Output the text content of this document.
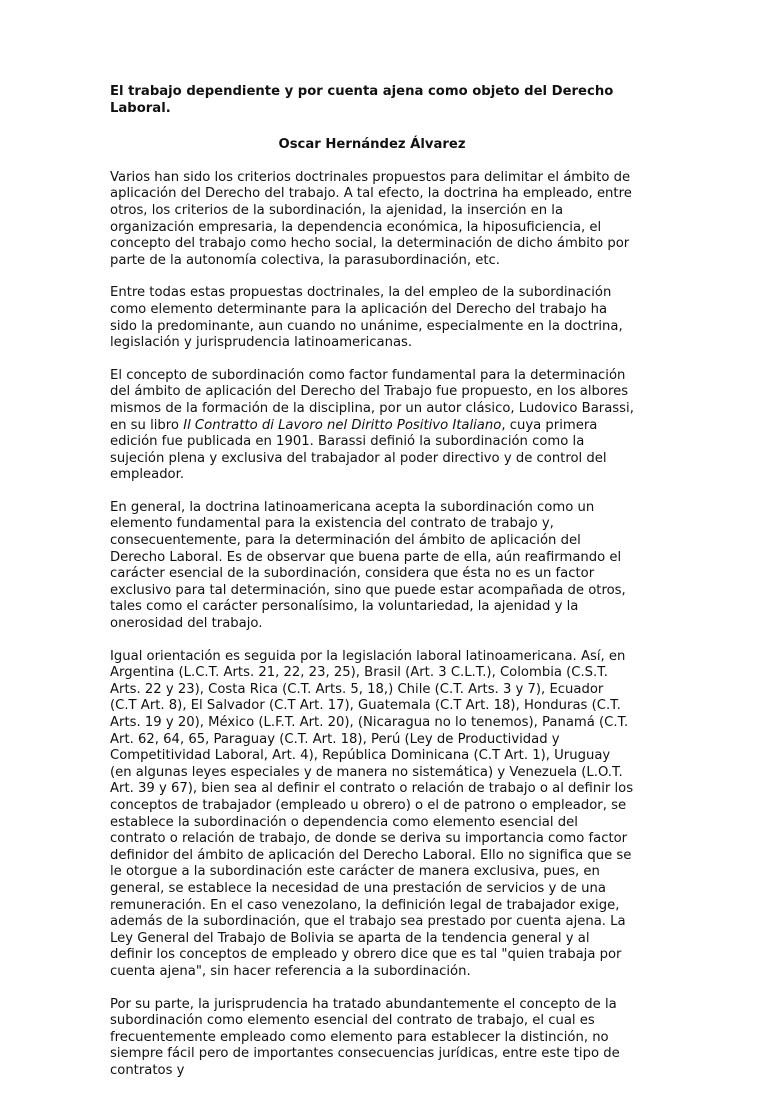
El trabajo dependiente y por cuenta ajena como objeto del Derecho Laboral.
Oscar Hernández Álvarez

Varios han sido los criterios doctrinales propuestos para delimitar el ámbito de aplicación del Derecho del trabajo. A tal efecto, la doctrina ha empleado, entre otros, los criterios de la subordinación, la ajenidad, la inserción en la organización empresaria, la dependencia económica, la hiposuficiencia, el concepto del trabajo como hecho social, la determinación de dicho ámbito por parte de la autonomía colectiva, la parasubordinación, etc.

Entre todas estas propuestas doctrinales, la del empleo de la subordinación como elemento determinante para la aplicación del Derecho del trabajo ha sido la predominante, aun cuando no unánime, especialmente en la doctrina, legislación y jurisprudencia latinoamericanas.

El concepto de subordinación como factor fundamental para la determinación del ámbito de aplicación del Derecho del Trabajo fue propuesto, en los albores mismos de la formación de la disciplina, por un autor clásico, Ludovico Barassi, en su libro Il Contratto di Lavoro nel Diritto Positivo Italiano, cuya primera edición fue publicada en 1901. Barassi definió la subordinación como la sujeción plena y exclusiva del trabajador al poder directivo y de control del empleador.

En general, la doctrina latinoamericana acepta la subordinación como un elemento fundamental para la existencia del contrato de trabajo y, consecuentemente, para la determinación del ámbito de aplicación del Derecho Laboral. Es de observar que buena parte de ella, aún reafirmando el carácter esencial de la subordinación, considera que ésta no es un factor exclusivo para tal determinación, sino que puede estar acompañada de otros, tales como el carácter personalísimo, la voluntariedad, la ajenidad y la onerosidad del trabajo.

Igual orientación es seguida por la legislación laboral latinoamericana. Así, en Argentina (L.C.T. Arts. 21, 22, 23, 25), Brasil (Art. 3 C.L.T.), Colombia (C.S.T. Arts. 22 y 23), Costa Rica (C.T. Arts. 5, 18,) Chile (C.T. Arts. 3 y 7), Ecuador (C.T Art. 8), El Salvador (C.T Art. 17), Guatemala (C.T Art. 18), Honduras (C.T. Arts. 19 y 20), México (L.F.T. Art. 20), (Nicaragua no lo tenemos), Panamá (C.T. Art. 62, 64, 65, Paraguay (C.T. Art. 18), Perú (Ley de Productividad y Competitividad Laboral, Art. 4), República Dominicana (C.T Art. 1), Uruguay (en algunas leyes especiales y de manera no sistemática) y Venezuela (L.O.T. Art. 39 y 67), bien sea al definir el contrato o relación de trabajo o al definir los conceptos de trabajador (empleado u obrero) o el de patrono o empleador, se establece la subordinación o dependencia como elemento esencial del contrato o relación de trabajo, de donde se deriva su importancia como factor definidor del ámbito de aplicación del Derecho Laboral. Ello no significa que se le otorgue a la subordinación este carácter de manera exclusiva, pues, en general, se establece la necesidad de una prestación de servicios y de una remuneración. En el caso venezolano, la definición legal de trabajador exige, además de la subordinación, que el trabajo sea prestado por cuenta ajena. La Ley General del Trabajo de Bolivia se aparta de la tendencia general y al definir los conceptos de empleado y obrero dice que es tal "quien trabaja por cuenta ajena", sin hacer referencia a la subordinación.

Por su parte, la jurisprudencia ha tratado abundantemente el concepto de la subordinación como elemento esencial del contrato de trabajo, el cual es frecuentemente empleado como elemento para establecer la distinción, no siempre fácil pero de importantes consecuencias jurídicas, entre este tipo de contratos y
